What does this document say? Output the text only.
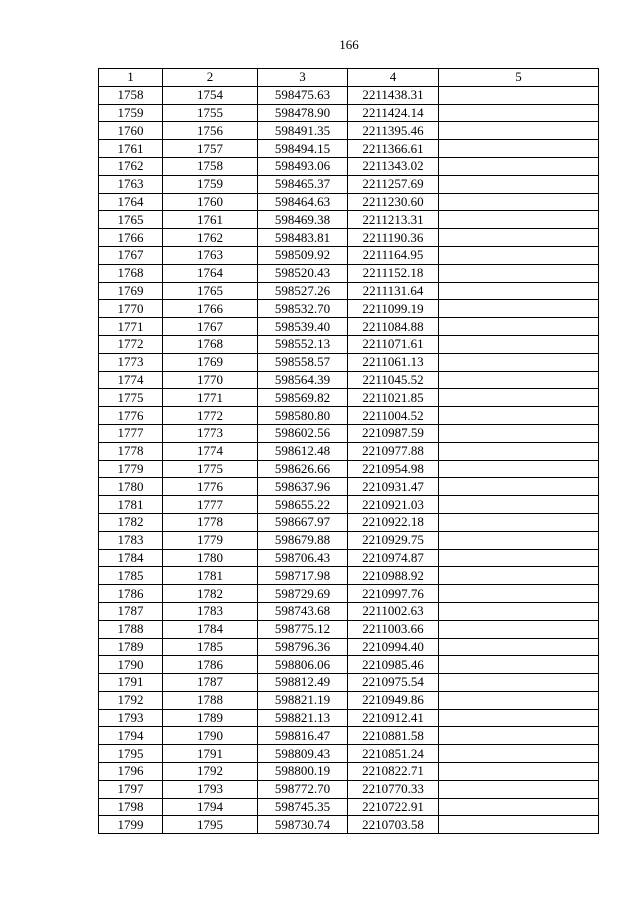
166
1	2	3	4	5
1758	1754	598475.63	2211438.31	
1759	1755	598478.90	2211424.14	
1760	1756	598491.35	2211395.46	
1761	1757	598494.15	2211366.61	
1762	1758	598493.06	2211343.02	
1763	1759	598465.37	2211257.69	
1764	1760	598464.63	2211230.60	
1765	1761	598469.38	2211213.31	
1766	1762	598483.81	2211190.36	
1767	1763	598509.92	2211164.95	
1768	1764	598520.43	2211152.18	
1769	1765	598527.26	2211131.64	
1770	1766	598532.70	2211099.19	
1771	1767	598539.40	2211084.88	
1772	1768	598552.13	2211071.61	
1773	1769	598558.57	2211061.13	
1774	1770	598564.39	2211045.52	
1775	1771	598569.82	2211021.85	
1776	1772	598580.80	2211004.52	
1777	1773	598602.56	2210987.59	
1778	1774	598612.48	2210977.88	
1779	1775	598626.66	2210954.98	
1780	1776	598637.96	2210931.47	
1781	1777	598655.22	2210921.03	
1782	1778	598667.97	2210922.18	
1783	1779	598679.88	2210929.75	
1784	1780	598706.43	2210974.87	
1785	1781	598717.98	2210988.92	
1786	1782	598729.69	2210997.76	
1787	1783	598743.68	2211002.63	
1788	1784	598775.12	2211003.66	
1789	1785	598796.36	2210994.40	
1790	1786	598806.06	2210985.46	
1791	1787	598812.49	2210975.54	
1792	1788	598821.19	2210949.86	
1793	1789	598821.13	2210912.41	
1794	1790	598816.47	2210881.58	
1795	1791	598809.43	2210851.24	
1796	1792	598800.19	2210822.71	
1797	1793	598772.70	2210770.33	
1798	1794	598745.35	2210722.91	
1799	1795	598730.74	2210703.58	
